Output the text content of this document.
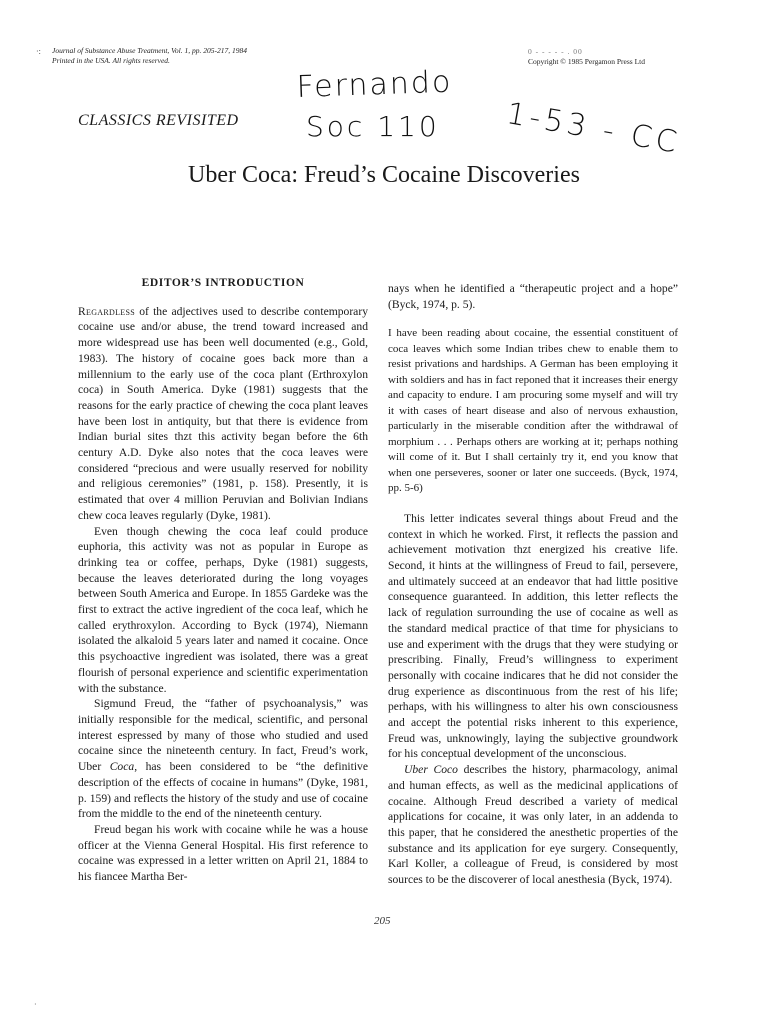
·: Journal of Substance Abuse Treatment, Vol. 1, pp. 205-217, 1984
Printed in the USA. All rights reserved.
0 - - - - - . 00
Copyright © 1985 Pergamon Press Ltd
Fernando
Soc 110 1-53 - CC
CLASSICS REVISITED
Uber Coca: Freud’s Cocaine Discoveries
EDITOR’S INTRODUCTION

Regardless of the adjectives used to describe contemporary cocaine use and/or abuse, the trend toward increased and more widespread use has been well documented (e.g., Gold, 1983). The history of cocaine goes back more than a millennium to the early use of the coca plant (Erthroxylon coca) in South America. Dyke (1981) suggests that the reasons for the early practice of chewing the coca plant leaves have been lost in antiquity, but that there is evidence from Indian burial sites thzt this activity began before the 6th century A.D. Dyke also notes that the coca leaves were considered “precious and were usually reserved for nobility and religious ceremonies” (1981, p. 158). Presently, it is estimated that over 4 million Peruvian and Bolivian Indians chew coca leaves regularly (Dyke, 1981).

Even though chewing the coca leaf could produce euphoria, this activity was not as popular in Europe as drinking tea or coffee, perhaps, Dyke (1981) suggests, because the leaves deteriorated during the long voyages between South America and Europe. In 1855 Gardeke was the first to extract the active ingredient of the coca leaf, which he called erythroxylon. According to Byck (1974), Niemann isolated the alkaloid 5 years later and named it cocaine. Once this psychoactive ingredient was isolated, there was a great flourish of personal experience and scientific experimentation with the substance.

Sigmund Freud, the “father of psychoanalysis,” was initially responsible for the medical, scientific, and personal interest espressed by many of those who studied and used cocaine since the nineteenth century. In fact, Freud’s work, Uber Coca, has been considered to be “the definitive description of the effects of cocaine in humans” (Dyke, 1981, p. 159) and reflects the history of the study and use of cocaine from the middle to the end of the nineteenth century.

Freud began his work with cocaine while he was a house officer at the Vienna General Hospital. His first reference to cocaine was expressed in a letter written on April 21, 1884 to his fiancee Martha Ber-

nays when he identified a “therapeutic project and a hope” (Byck, 1974, p. 5).

I have been reading about cocaine, the essential constituent of coca leaves which some Indian tribes chew to enable them to resist privations and hardships. A German has been employing it with soldiers and has in fact reponed that it increases their energy and capacity to endure. I am procuring some myself and will try it with cases of heart disease and also of nervous exhaustion, particularly in the miserable condition after the withdrawal of morphium . . . Perhaps others are working at it; perhaps nothing will come of it. But I shall certainly try it, end you know that when one perseveres, sooner or later one succeeds. (Byck, 1974, pp. 5-6)

This letter indicates several things about Freud and the context in which he worked. First, it reflects the passion and achievement motivation thzt energized his creative life. Second, it hints at the willingness of Freud to fail, persevere, and ultimately succeed at an endeavor that had little positive consequence guaranteed. In addition, this letter reflects the lack of regulation surrounding the use of cocaine as well as the standard medical practice of that time for physicians to use and experiment with the drugs that they were studying or prescribing. Finally, Freud’s willingness to experiment personally with cocaine indicares that he did not consider the drug experience as discontinuous from the rest of his life; perhaps, with his willingness to alter his own consciousness and accept the potential risks inherent to this experience, Freud was, unknowingly, laying the subjective groundwork for his conceptual development of the unconscious.

Uber Coco describes the history, pharmacology, animal and human effects, as well as the medicinal applications of cocaine. Although Freud described a variety of medical applications for cocaine, it was only later, in an addenda to this paper, that he considered the anesthetic properties of the substance and its application for eye surgery. Consequently, Karl Koller, a colleague of Freud, is considered by most sources to be the discoverer of local anesthesia (Byck, 1974).

205
·
